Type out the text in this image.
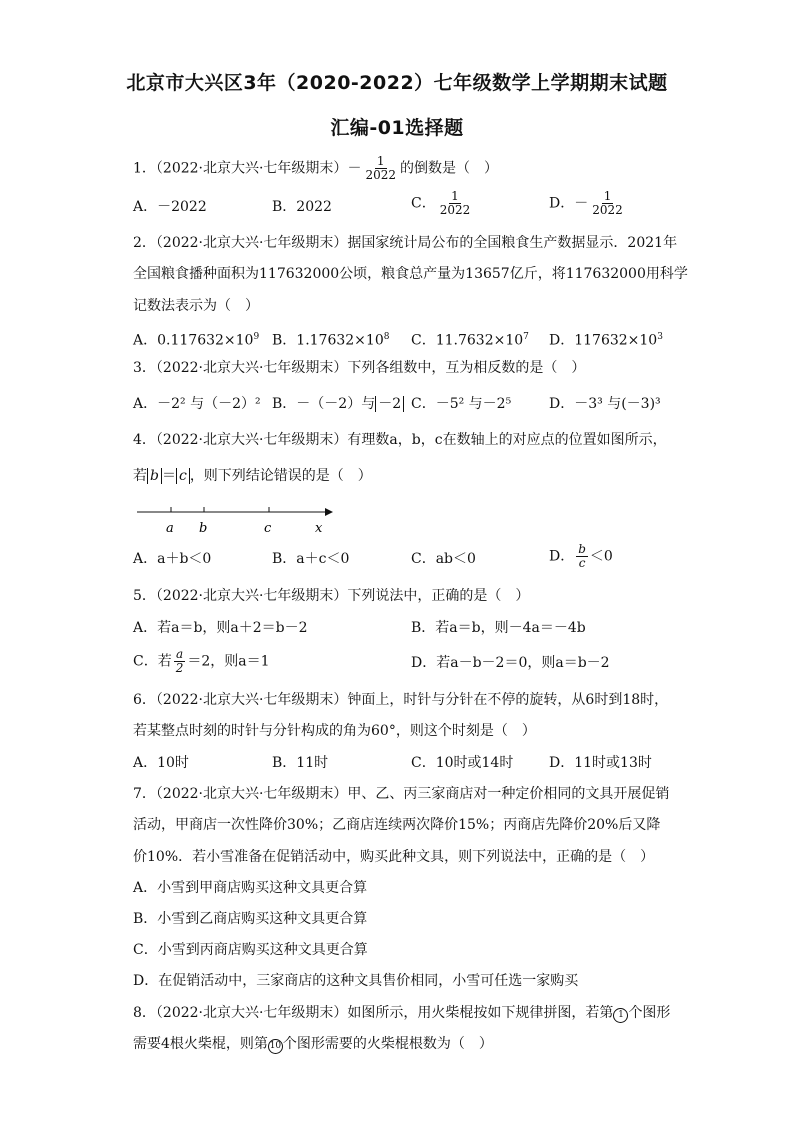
北京市大兴区3年（2020-2022）七年级数学上学期期末试题
汇编-01选择题
1．（2022·北京大兴·七年级期末）－ $\frac{1}{2022}$ 的倒数是（　）
A．－2022	B．2022	C． $\frac{1}{2022}$	D．－ $\frac{1}{2022}$
2．（2022·北京大兴·七年级期末）据国家统计局公布的全国粮食生产数据显示．2021年
全国粮食播种面积为117632000公顷，粮食总产量为13657亿斤，将117632000用科学
记数法表示为（　）
A．$0.117632\times 10^9$ B．$1.17632\times 10^8$ C．$11.7632\times 10^7$ D．$117632\times 10^3$
3．（2022·北京大兴·七年级期末）下列各组数中，互为相反数的是（　）
A．－2² 与（－2）² B．－（－2）与 －2 C．－5² 与－2⁵	D．－3³ 与(－3)³
4．（2022·北京大兴·七年级期末）有理数a，b，c在数轴上的对应点的位置如图所示，
若 b ＝ c ，则下列结论错误的是（　）
a b	c	x
A．a＋b＜0	B．a＋c＜0	C．ab＜0	D． $\frac{b}{c} <0$
5．（2022·北京大兴·七年级期末）下列说法中，正确的是（　）
A．若a＝b，则a＋2＝b－2	B．若a＝b，则－4a＝－4b
C．若 $\frac{a}{2} =2$，则a＝1	D．若a－b－2＝0，则a＝b－2
6．（2022·北京大兴·七年级期末）钟面上，时针与分针在不停的旋转，从6时到18时，
若某整点时刻的时针与分针构成的角为60°，则这个时刻是（　）
A．10时	B．11时	C．10时或14时	D．11时或13时
7．（2022·北京大兴·七年级期末）甲、乙、丙三家商店对一种定价相同的文具开展促销
活动，甲商店一次性降价30%；乙商店连续两次降价15%；丙商店先降价20%后又降
价10%．若小雪准备在促销活动中，购买此种文具，则下列说法中，正确的是（　）
A．小雪到甲商店购买这种文具更合算
B．小雪到乙商店购买这种文具更合算
C．小雪到丙商店购买这种文具更合算
D．在促销活动中，三家商店的这种文具售价相同，小雪可任选一家购买
8．（2022·北京大兴·七年级期末）如图所示，用火柴棍按如下规律拼图，若第 1 个图形
需要4根火柴棍，则第 10 个图形需要的火柴棍根数为（　）
